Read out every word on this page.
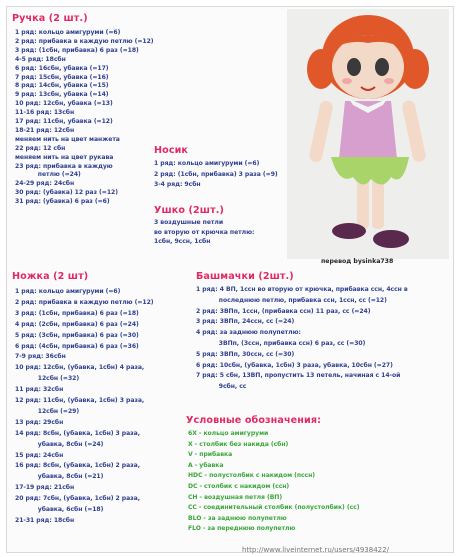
Ручка (2 шт.)
1 ряд: кольцо амигуруми (=6)
2 ряд: прибавка в каждую петлю (=12)
3 ряд: (1сбн, прибавка) 6 раз (=18)
4-5 ряд: 18сбн
6 ряд: 16сбн, убавка (=17)
7 ряд: 15сбн, убавка (=16)
8 ряд: 14сбн, убавка (=15)
9 ряд: 13сбн, убавка (=14)
10 ряд: 12сбн, убавка (=13)
11-16 ряд: 13сбн
17 ряд: 11сбн, убавка (=12)
18-21 ряд: 12сбн
меняем нить на цвет манжета
22 ряд: 12 сбн
меняем нить на цвет рукава
23 ряд: прибавка в каждую
петлю (=24)
24-29 ряд: 24сбн
30 ряд: (убавка) 12 раз (=12)
31 ряд: (убавка) 6 раз (=6)
Носик
1 ряд: кольцо амигуруми (=6)
2 ряд: (1сбн, прибавка) 3 раза (=9)
3-4 ряд: 9сбн
Ушко (2шт.)
3 воздушные петли
во вторую от крючка петлю:
1сбн, 9ссн, 1сбн
перевод bysinka738
Ножка (2 шт)
1 ряд: кольцо амигуруми (=6)
2 ряд: прибавка в каждую петлю (=12)
3 ряд: (1сбн, прибавка) 6 раз (=18)
4 ряд: (2сбн, прибавка) 6 раз (=24)
5 ряд: (3сбн, прибавка) 6 раз (=30)
6 ряд: (4сбн, прибавка) 6 раз (=36)
7-9 ряд: 36сбн
10 ряд: 12сбн, (убавка, 1сбн) 4 раза,
12сбн (=32)
11 ряд: 32сбн
12 ряд: 11сбн, (убавка, 1сбн) 3 раза,
12сбн (=29)
13 ряд: 29сбн
14 ряд: 8сбн, (убавка, 1сбн) 3 раза,
убавка, 8сбн (=24)
15 ряд: 24сбн
16 ряд: 8сбн, (убавка, 1сбн) 2 раза,
убавка, 8сбн (=21)
17-19 ряд: 21сбн
20 ряд: 7сбн, (убавка, 1сбн) 2 раза,
убавка, 6сбн (=18)
21-31 ряд: 18сбн
Башмачки (2шт.)
1 ряд: 4 ВП, 1ссн во вторую от крючка, прибавка ссн, 4ссн в
последнюю петлю, прибавка ссн, 1ссн, сс (=12)
2 ряд: 3ВПп, 1ссн, (прибавка ссн) 11 раз, сс (=24)
3 ряд: 3ВПп, 24ссн, сс (=24)
4 ряд: за заднюю полупетлю:
3ВПп, (3ссн, прибавка ссн) 6 раз, сс (=30)
5 ряд: 3ВПп, 30ссн, сс (=30)
6 ряд: 10сбн, (убавка, 1сбн) 3 раза, убавка, 10сбн (=27)
7 ряд: 5 сбн, 13ВП, пропустить 13 петель, начиная с 14-ой
9сбн, сс
Условные обозначения:
6Х - кольцо амигуруми
Х - столбик без накида (сбн)
V - прибавка
А - убавка
HDC - полустолбик с накидом (пссн)
DC - столбик с накидом (ссн)
CH - воздушная петля (ВП)
CC - соединительный столбик (полустолбик) (сс)
BLO - за заднюю полупетлю
FLO - за переднюю полупетлю
http://www.liveinternet.ru/users/4938422/
